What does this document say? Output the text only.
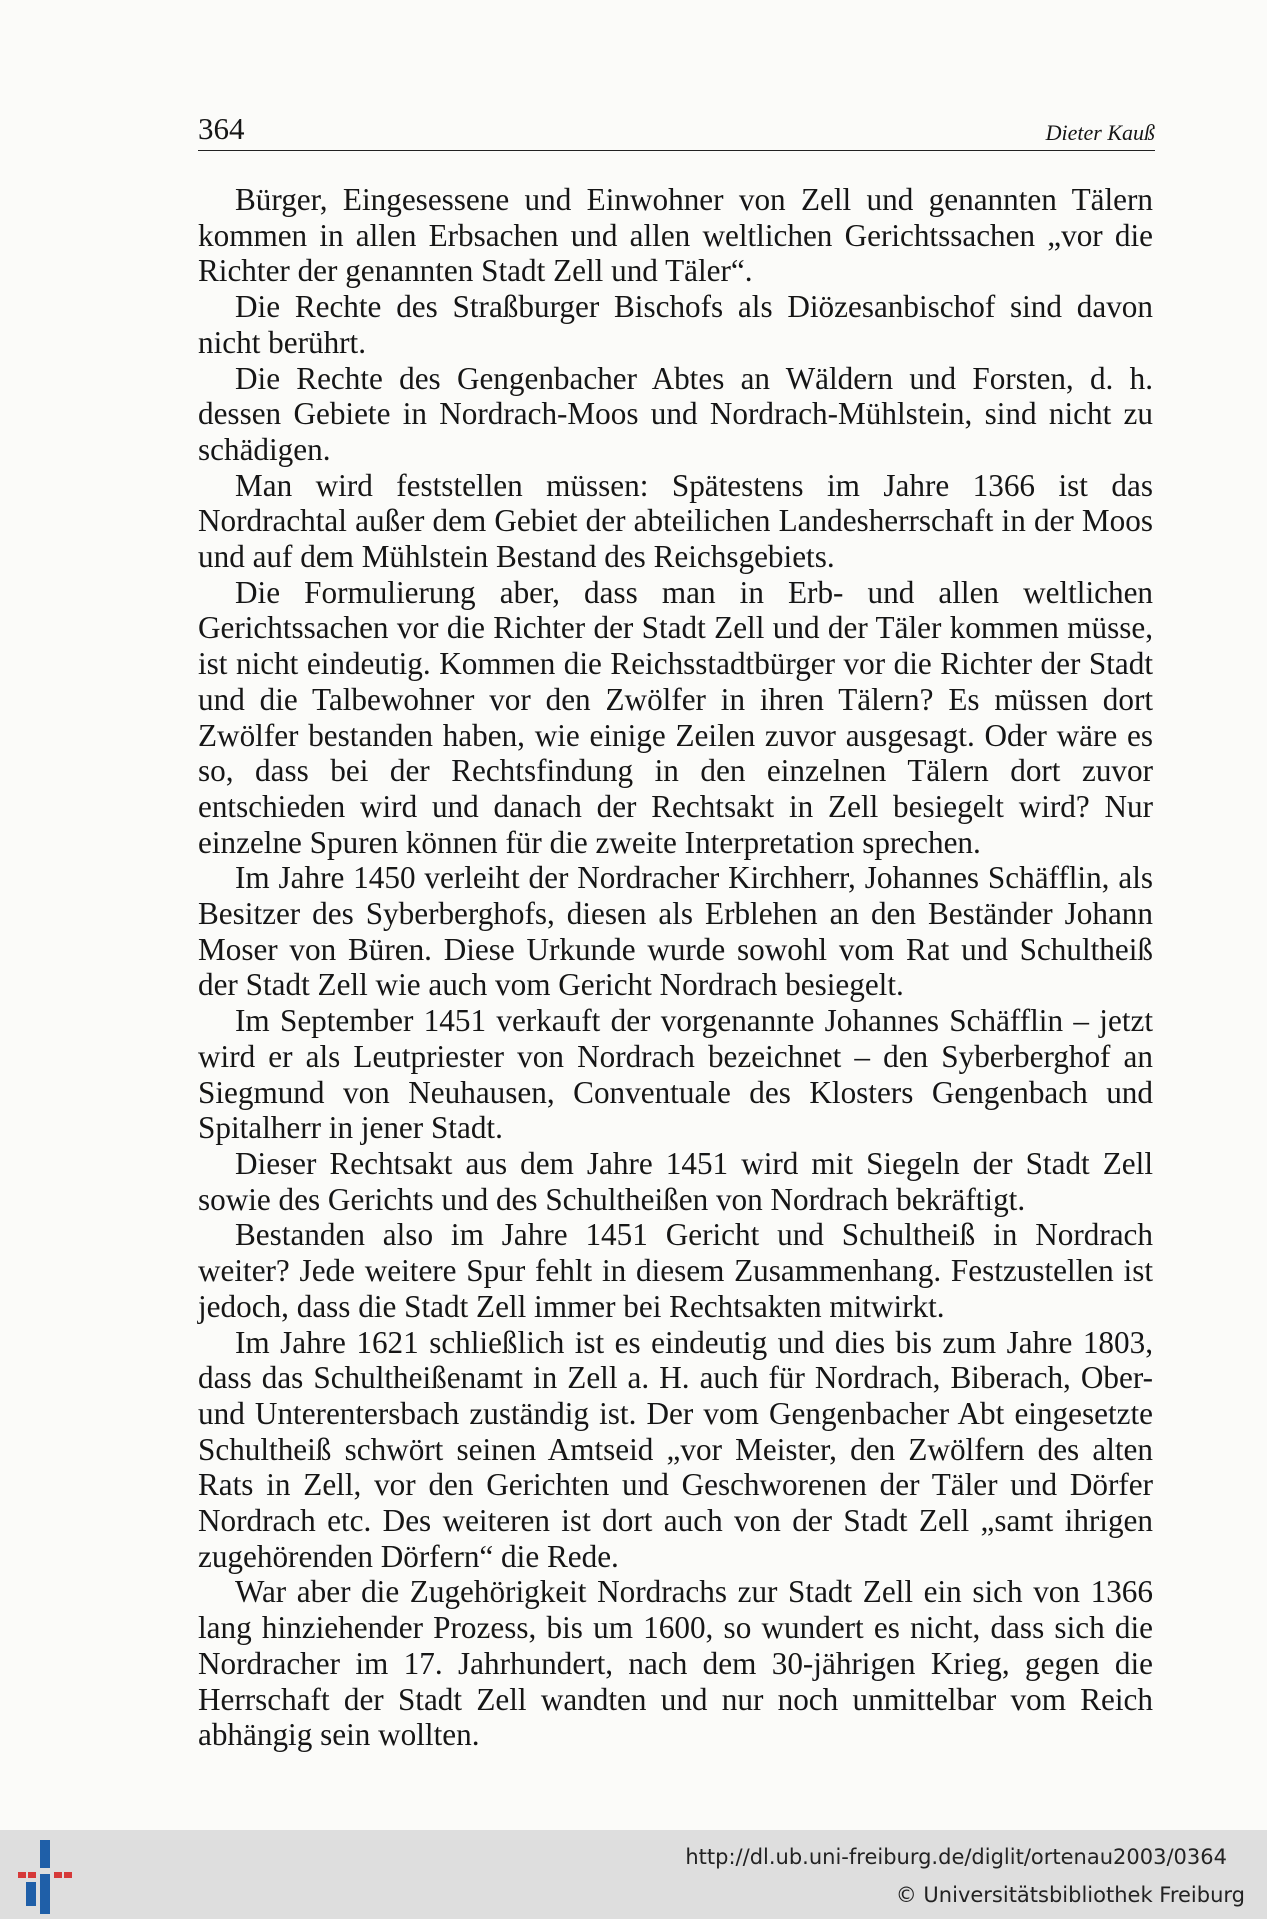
364	Dieter Kauß

Bürger, Eingesessene und Einwohner von Zell und genannten Tälern kommen in allen Erbsachen und allen weltlichen Gerichtssachen „vor die Richter der genannten Stadt Zell und Täler“.

Die Rechte des Straßburger Bischofs als Diözesanbischof sind davon nicht berührt.

Die Rechte des Gengenbacher Abtes an Wäldern und Forsten, d. h. dessen Gebiete in Nordrach-Moos und Nordrach-Mühlstein, sind nicht zu schädigen.

Man wird feststellen müssen: Spätestens im Jahre 1366 ist das Nordrachtal außer dem Gebiet der abteilichen Landesherrschaft in der Moos und auf dem Mühlstein Bestand des Reichsgebiets.

Die Formulierung aber, dass man in Erb- und allen weltlichen Gerichtssachen vor die Richter der Stadt Zell und der Täler kommen müsse, ist nicht eindeutig. Kommen die Reichsstadtbürger vor die Richter der Stadt und die Talbewohner vor den Zwölfer in ihren Tälern? Es müssen dort Zwölfer bestanden haben, wie einige Zeilen zuvor ausgesagt. Oder wäre es so, dass bei der Rechtsfindung in den einzelnen Tälern dort zuvor entschieden wird und danach der Rechtsakt in Zell besiegelt wird? Nur einzelne Spuren können für die zweite Interpretation sprechen.

Im Jahre 1450 verleiht der Nordracher Kirchherr, Johannes Schäfflin, als Besitzer des Syberberghofs, diesen als Erblehen an den Beständer Johann Moser von Büren. Diese Urkunde wurde sowohl vom Rat und Schultheiß der Stadt Zell wie auch vom Gericht Nordrach besiegelt.

Im September 1451 verkauft der vorgenannte Johannes Schäfflin – jetzt wird er als Leutpriester von Nordrach bezeichnet – den Syberberghof an Siegmund von Neuhausen, Conventuale des Klosters Gengenbach und Spitalherr in jener Stadt.

Dieser Rechtsakt aus dem Jahre 1451 wird mit Siegeln der Stadt Zell sowie des Gerichts und des Schultheißen von Nordrach bekräftigt.

Bestanden also im Jahre 1451 Gericht und Schultheiß in Nordrach weiter? Jede weitere Spur fehlt in diesem Zusammenhang. Festzustellen ist jedoch, dass die Stadt Zell immer bei Rechtsakten mitwirkt.

Im Jahre 1621 schließlich ist es eindeutig und dies bis zum Jahre 1803, dass das Schultheißenamt in Zell a. H. auch für Nordrach, Biberach, Ober- und Unterentersbach zuständig ist. Der vom Gengenbacher Abt eingesetzte Schultheiß schwört seinen Amtseid „vor Meister, den Zwölfern des alten Rats in Zell, vor den Gerichten und Geschworenen der Täler und Dörfer Nordrach etc. Des weiteren ist dort auch von der Stadt Zell „samt ihrigen zugehörenden Dörfern“ die Rede.

War aber die Zugehörigkeit Nordrachs zur Stadt Zell ein sich von 1366 lang hinziehender Prozess, bis um 1600, so wundert es nicht, dass sich die Nordracher im 17. Jahrhundert, nach dem 30-jährigen Krieg, gegen die Herrschaft der Stadt Zell wandten und nur noch unmittelbar vom Reich abhängig sein wollten.

http://dl.ub.uni-freiburg.de/diglit/ortenau2003/0364
© Universitätsbibliothek Freiburg
